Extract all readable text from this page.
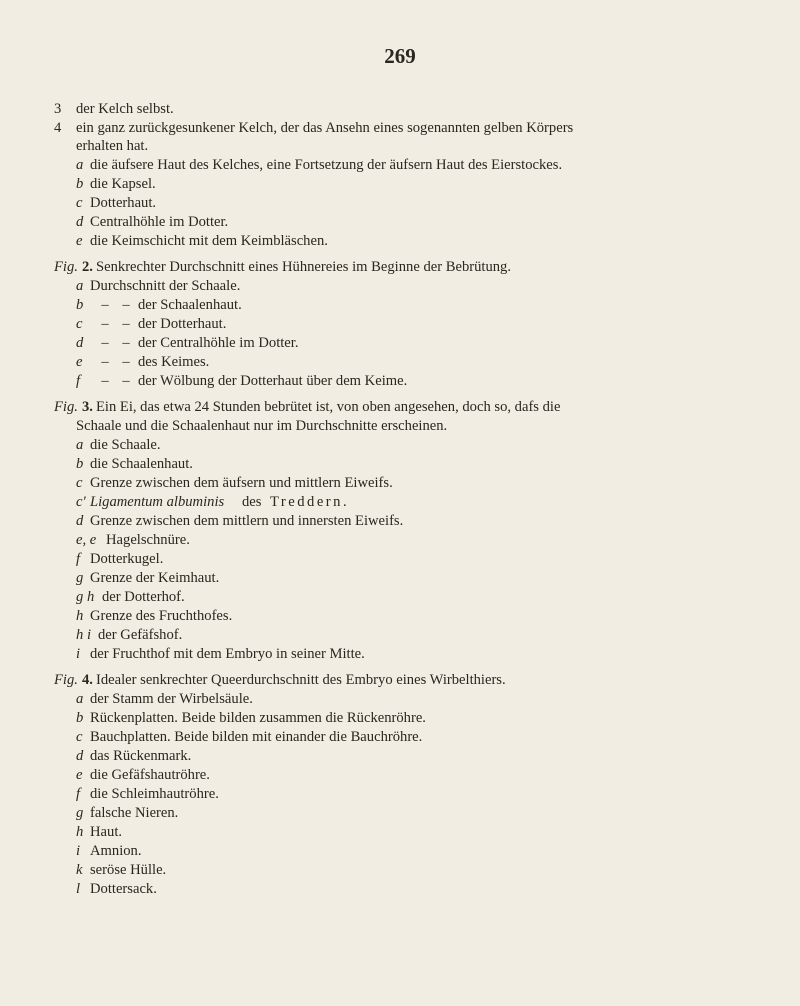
269
3 der Kelch selbst.
4 ein ganz zurückgesunkener Kelch, der das Ansehn eines sogenannten gelben Körpers
erhalten hat.
a die äufsere Haut des Kelches, eine Fortsetzung der äufsern Haut des Eierstockes.
b die Kapsel.
c Dotterhaut.
d Centralhöhle im Dotter.
e die Keimschicht mit dem Keimbläschen.
Fig. 2. Senkrechter Durchschnitt eines Hühnereies im Beginne der Bebrütung.
a Durchschnitt der Schaale.
b – – der Schaalenhaut.
c – – der Dotterhaut.
d – – der Centralhöhle im Dotter.
e – – des Keimes.
f – – der Wölbung der Dotterhaut über dem Keime.
Fig. 3. Ein Ei, das etwa 24 Stunden bebrütet ist, von oben angesehen, doch so, dafs die
Schaale und die Schaalenhaut nur im Durchschnitte erscheinen.
a die Schaale.
b die Schaalenhaut.
c Grenze zwischen dem äufsern und mittlern Eiweifs.
c' Ligamentum albuminis des Treddern.
d Grenze zwischen dem mittlern und innersten Eiweifs.
e, e Hagelschnüre.
f Dotterkugel.
g Grenze der Keimhaut.
g h der Dotterhof.
h Grenze des Fruchthofes.
h i der Gefäfshof.
i der Fruchthof mit dem Embryo in seiner Mitte.
Fig. 4. Idealer senkrechter Queerdurchschnitt des Embryo eines Wirbelthiers.
a der Stamm der Wirbelsäule.
b Rückenplatten. Beide bilden zusammen die Rückenröhre.
c Bauchplatten. Beide bilden mit einander die Bauchröhre.
d das Rückenmark.
e die Gefäfshautröhre.
f die Schleimhautröhre.
g falsche Nieren.
h Haut.
i Amnion.
k seröse Hülle.
l Dottersack.
